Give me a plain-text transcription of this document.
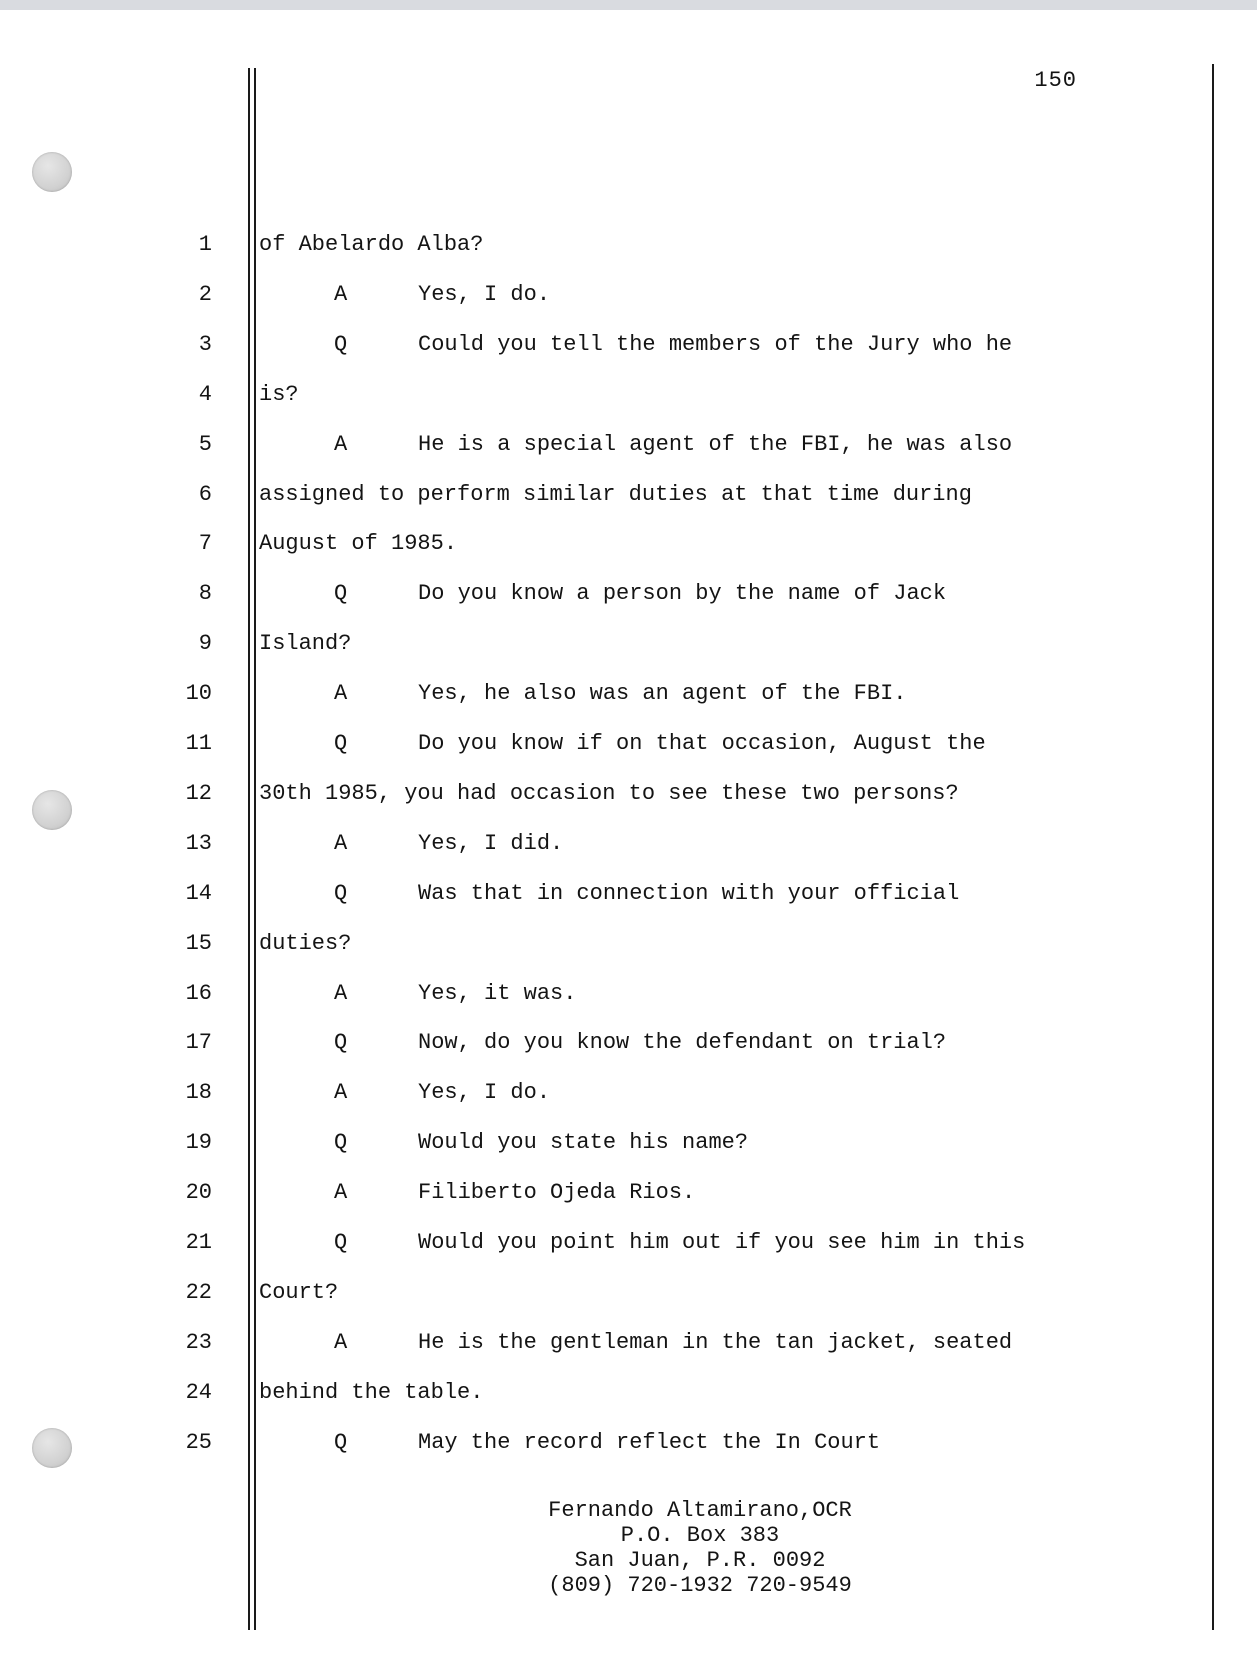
150
1 of Abelardo Alba?
2	A	Yes, I do.
3	Q	Could you tell the members of the Jury who he
4 is?
5	A	He is a special agent of the FBI, he was also
6 assigned to perform similar duties at that time during
7 August of 1985.
8	Q	Do you know a person by the name of Jack
9 Island?
10	A	Yes, he also was an agent of the FBI.
11	Q	Do you know if on that occasion, August the
12 30th 1985, you had occasion to see these two persons?
13	A	Yes, I did.
14	Q	Was that in connection with your official
15 duties?
16	A	Yes, it was.
17	Q	Now, do you know the defendant on trial?
18	A	Yes, I do.
19	Q	Would you state his name?
20	A	Filiberto Ojeda Rios.
21	Q	Would you point him out if you see him in this
22 Court?
23	A	He is the gentleman in the tan jacket, seated
24 behind the table.
25	Q	May the record reflect the In Court
Fernando Altamirano,OCR
P.O. Box 383
San Juan, P.R. 0092
(809) 720-1932 720-9549
